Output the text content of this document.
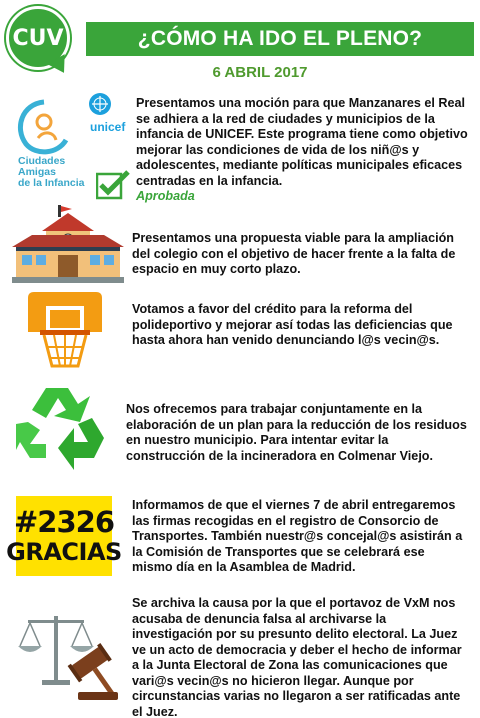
CUV	¿CÓMO HA IDO EL PLENO?
6 ABRIL 2017
unicef
Ciudades
Amigas
de la Infancia
Presentamos una moción para que Manzanares el Real se adhiera a la red de ciudades y municipios de la infancia de UNICEF. Este programa tiene como objetivo mejorar las condiciones de vida de los niñ@s y adolescentes, mediante políticas municipales eficaces centradas en la infancia.
Aprobada
Presentamos una propuesta viable para la ampliación del colegio con el objetivo de hacer frente a la falta de espacio en muy corto plazo.
Votamos a favor del crédito para la reforma del polideportivo y mejorar así todas las deficiencias que hasta ahora han venido denunciando l@s vecin@s.
Nos ofrecemos para trabajar conjuntamente en la elaboración de un plan para la reducción de los residuos en nuestro municipio. Para intentar evitar la construcción de la incineradora en Colmenar Viejo.
#2326
GRACIAS
Informamos de que el viernes 7 de abril entregaremos las firmas recogidas en el registro de Consorcio de Transportes. También nuestr@s concejal@s asistirán a la Comisión de Transportes que se celebrará ese mismo día en la Asamblea de Madrid.
Se archiva la causa por la que el portavoz de VxM nos acusaba de denuncia falsa al archivarse la investigación por su presunto delito electoral. La Juez ve un acto de democracia y deber el hecho de informar a la Junta Electoral de Zona las comunicaciones que vari@s vecin@s no hicieron llegar. Aunque por circunstancias varias no llegaron a ser ratificadas ante el Juez.
